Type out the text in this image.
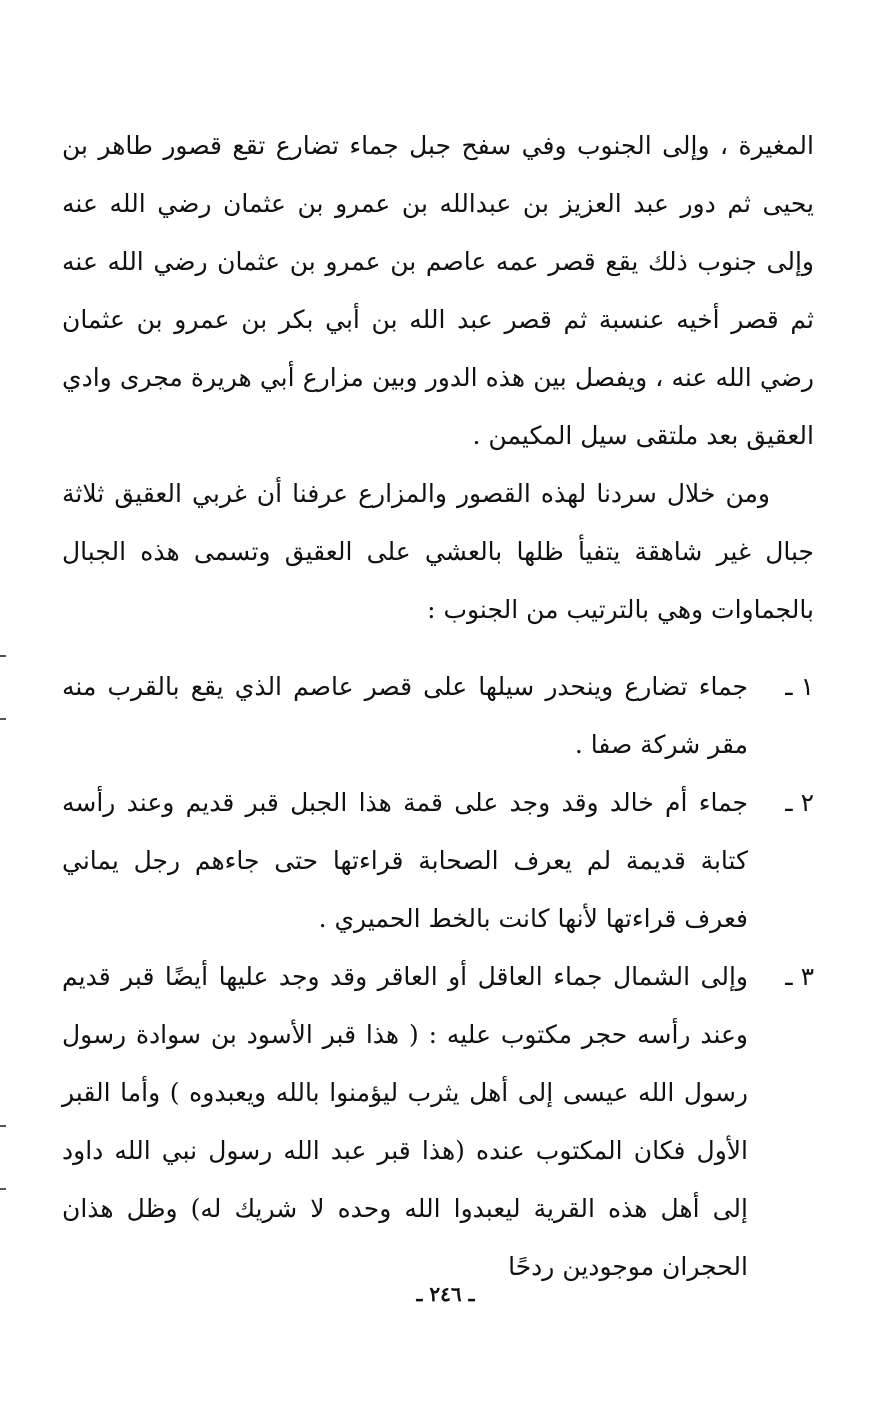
المغيرة ، وإلى الجنوب وفي سفح جبل جماء تضارع تقع قصور طاهر بن يحيى ثم دور عبد العزيز بن عبدالله بن عمرو بن عثمان رضي الله عنه وإلى جنوب ذلك يقع قصر عمه عاصم بن عمرو بن عثمان رضي الله عنه ثم قصر أخيه عنسبة ثم قصر عبد الله بن أبي بكر بن عمرو بن عثمان رضي الله عنه ، ويفصل بين هذه الدور وبين مزارع أبي هريرة مجرى وادي العقيق بعد ملتقى سيل المكيمن .

ومن خلال سردنا لهذه القصور والمزارع عرفنا أن غربي العقيق ثلاثة جبال غير شاهقة يتفيأ ظلها بالعشي على العقيق وتسمى هذه الجبال بالجماوات وهي بالترتيب من الجنوب :

١ ـ
جماء تضارع وينحدر سيلها على قصر عاصم الذي يقع بالقرب منه مقر شركة صفا .
٢ ـ
جماء أم خالد وقد وجد على قمة هذا الجبل قبر قديم وعند رأسه كتابة قديمة لم يعرف الصحابة قراءتها حتى جاءهم رجل يماني فعرف قراءتها لأنها كانت بالخط الحميري .
٣ ـ
وإلى الشمال جماء العاقل أو العاقر وقد وجد عليها أيضًا قبر قديم وعند رأسه حجر مكتوب عليه : ( هذا قبر الأسود بن سوادة رسول رسول الله عيسى إلى أهل يثرب ليؤمنوا بالله ويعبدوه ) وأما القبر الأول فكان المكتوب عنده (هذا قبر عبد الله رسول نبي الله داود إلى أهل هذه القرية ليعبدوا الله وحده لا شريك له) وظل هذان الحجران موجودين ردحًا
ـ ٢٤٦ ـ
